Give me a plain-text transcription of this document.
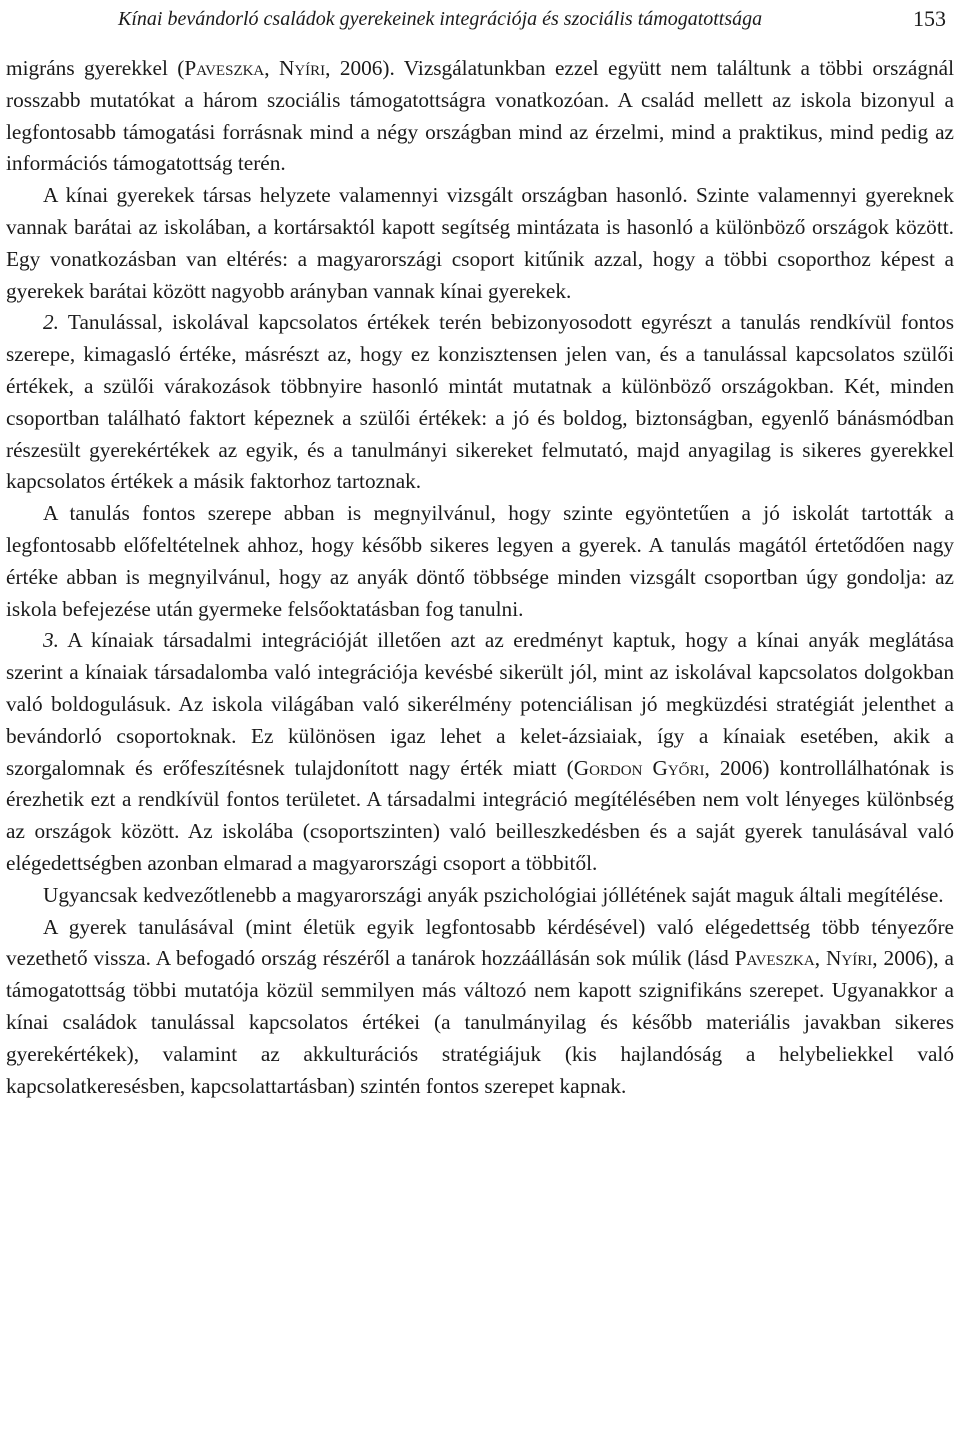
Kínai bevándorló családok gyerekeinek integrációja és szociális támogatottsága	153

migráns gyerekkel (Paveszka, Nyíri, 2006). Vizsgálatunkban ezzel együtt nem találtunk a többi országnál rosszabb mutatókat a három szociális támogatottságra vonatkozóan. A család mellett az iskola bizonyul a legfontosabb támogatási forrásnak mind a négy országban mind az érzelmi, mind a praktikus, mind pedig az információs támogatottság terén.

A kínai gyerekek társas helyzete valamennyi vizsgált országban hasonló. Szinte valamennyi gyereknek vannak barátai az iskolában, a kortársaktól kapott segítség mintázata is hasonló a különböző országok között. Egy vonatkozásban van eltérés: a magyarországi csoport kitűnik azzal, hogy a többi csoporthoz képest a gyerekek barátai között nagyobb arányban vannak kínai gyerekek.

2. Tanulással, iskolával kapcsolatos értékek terén bebizonyosodott egyrészt a tanulás rendkívül fontos szerepe, kimagasló értéke, másrészt az, hogy ez konzisztensen jelen van, és a tanulással kapcsolatos szülői értékek, a szülői várakozások többnyire hasonló mintát mutatnak a különböző országokban. Két, minden csoportban található faktort képeznek a szülői értékek: a jó és boldog, biztonságban, egyenlő bánásmódban részesült gyerekértékek az egyik, és a tanulmányi sikereket felmutató, majd anyagilag is sikeres gyerekkel kapcsolatos értékek a másik faktorhoz tartoznak.

A tanulás fontos szerepe abban is megnyilvánul, hogy szinte egyöntetűen a jó iskolát tartották a legfontosabb előfeltételnek ahhoz, hogy később sikeres legyen a gyerek. A tanulás magától értetődően nagy értéke abban is megnyilvánul, hogy az anyák döntő többsége minden vizsgált csoportban úgy gondolja: az iskola befejezése után gyermeke felsőoktatásban fog tanulni.

3. A kínaiak társadalmi integrációját illetően azt az eredményt kaptuk, hogy a kínai anyák meglátása szerint a kínaiak társadalomba való integrációja kevésbé sikerült jól, mint az iskolával kapcsolatos dolgokban való boldogulásuk. Az iskola világában való sikerélmény potenciálisan jó megküzdési stratégiát jelenthet a bevándorló csoportoknak. Ez különösen igaz lehet a kelet-ázsiaiak, így a kínaiak esetében, akik a szorgalomnak és erőfeszítésnek tulajdonított nagy érték miatt (Gordon Győri, 2006) kontrollálhatónak is érezhetik ezt a rendkívül fontos területet. A társadalmi integráció megítélésében nem volt lényeges különbség az országok között. Az iskolába (csoportszinten) való beilleszkedésben és a saját gyerek tanulásával való elégedettségben azonban elmarad a magyarországi csoport a többitől.

Ugyancsak kedvezőtlenebb a magyarországi anyák pszichológiai jóllétének saját maguk általi megítélése.

A gyerek tanulásával (mint életük egyik legfontosabb kérdésével) való elégedettség több tényezőre vezethető vissza. A befogadó ország részéről a tanárok hozzáállásán sok múlik (lásd Paveszka, Nyíri, 2006), a támogatottság többi mutatója közül semmilyen más változó nem kapott szignifikáns szerepet. Ugyanakkor a kínai családok tanulással kapcsolatos értékei (a tanulmányilag és később materiális javakban sikeres gyerekértékek), valamint az akkulturációs stratégiájuk (kis hajlandóság a helybeliekkel való kapcsolatkeresésben, kapcsolattartásban) szintén fontos szerepet kapnak.
